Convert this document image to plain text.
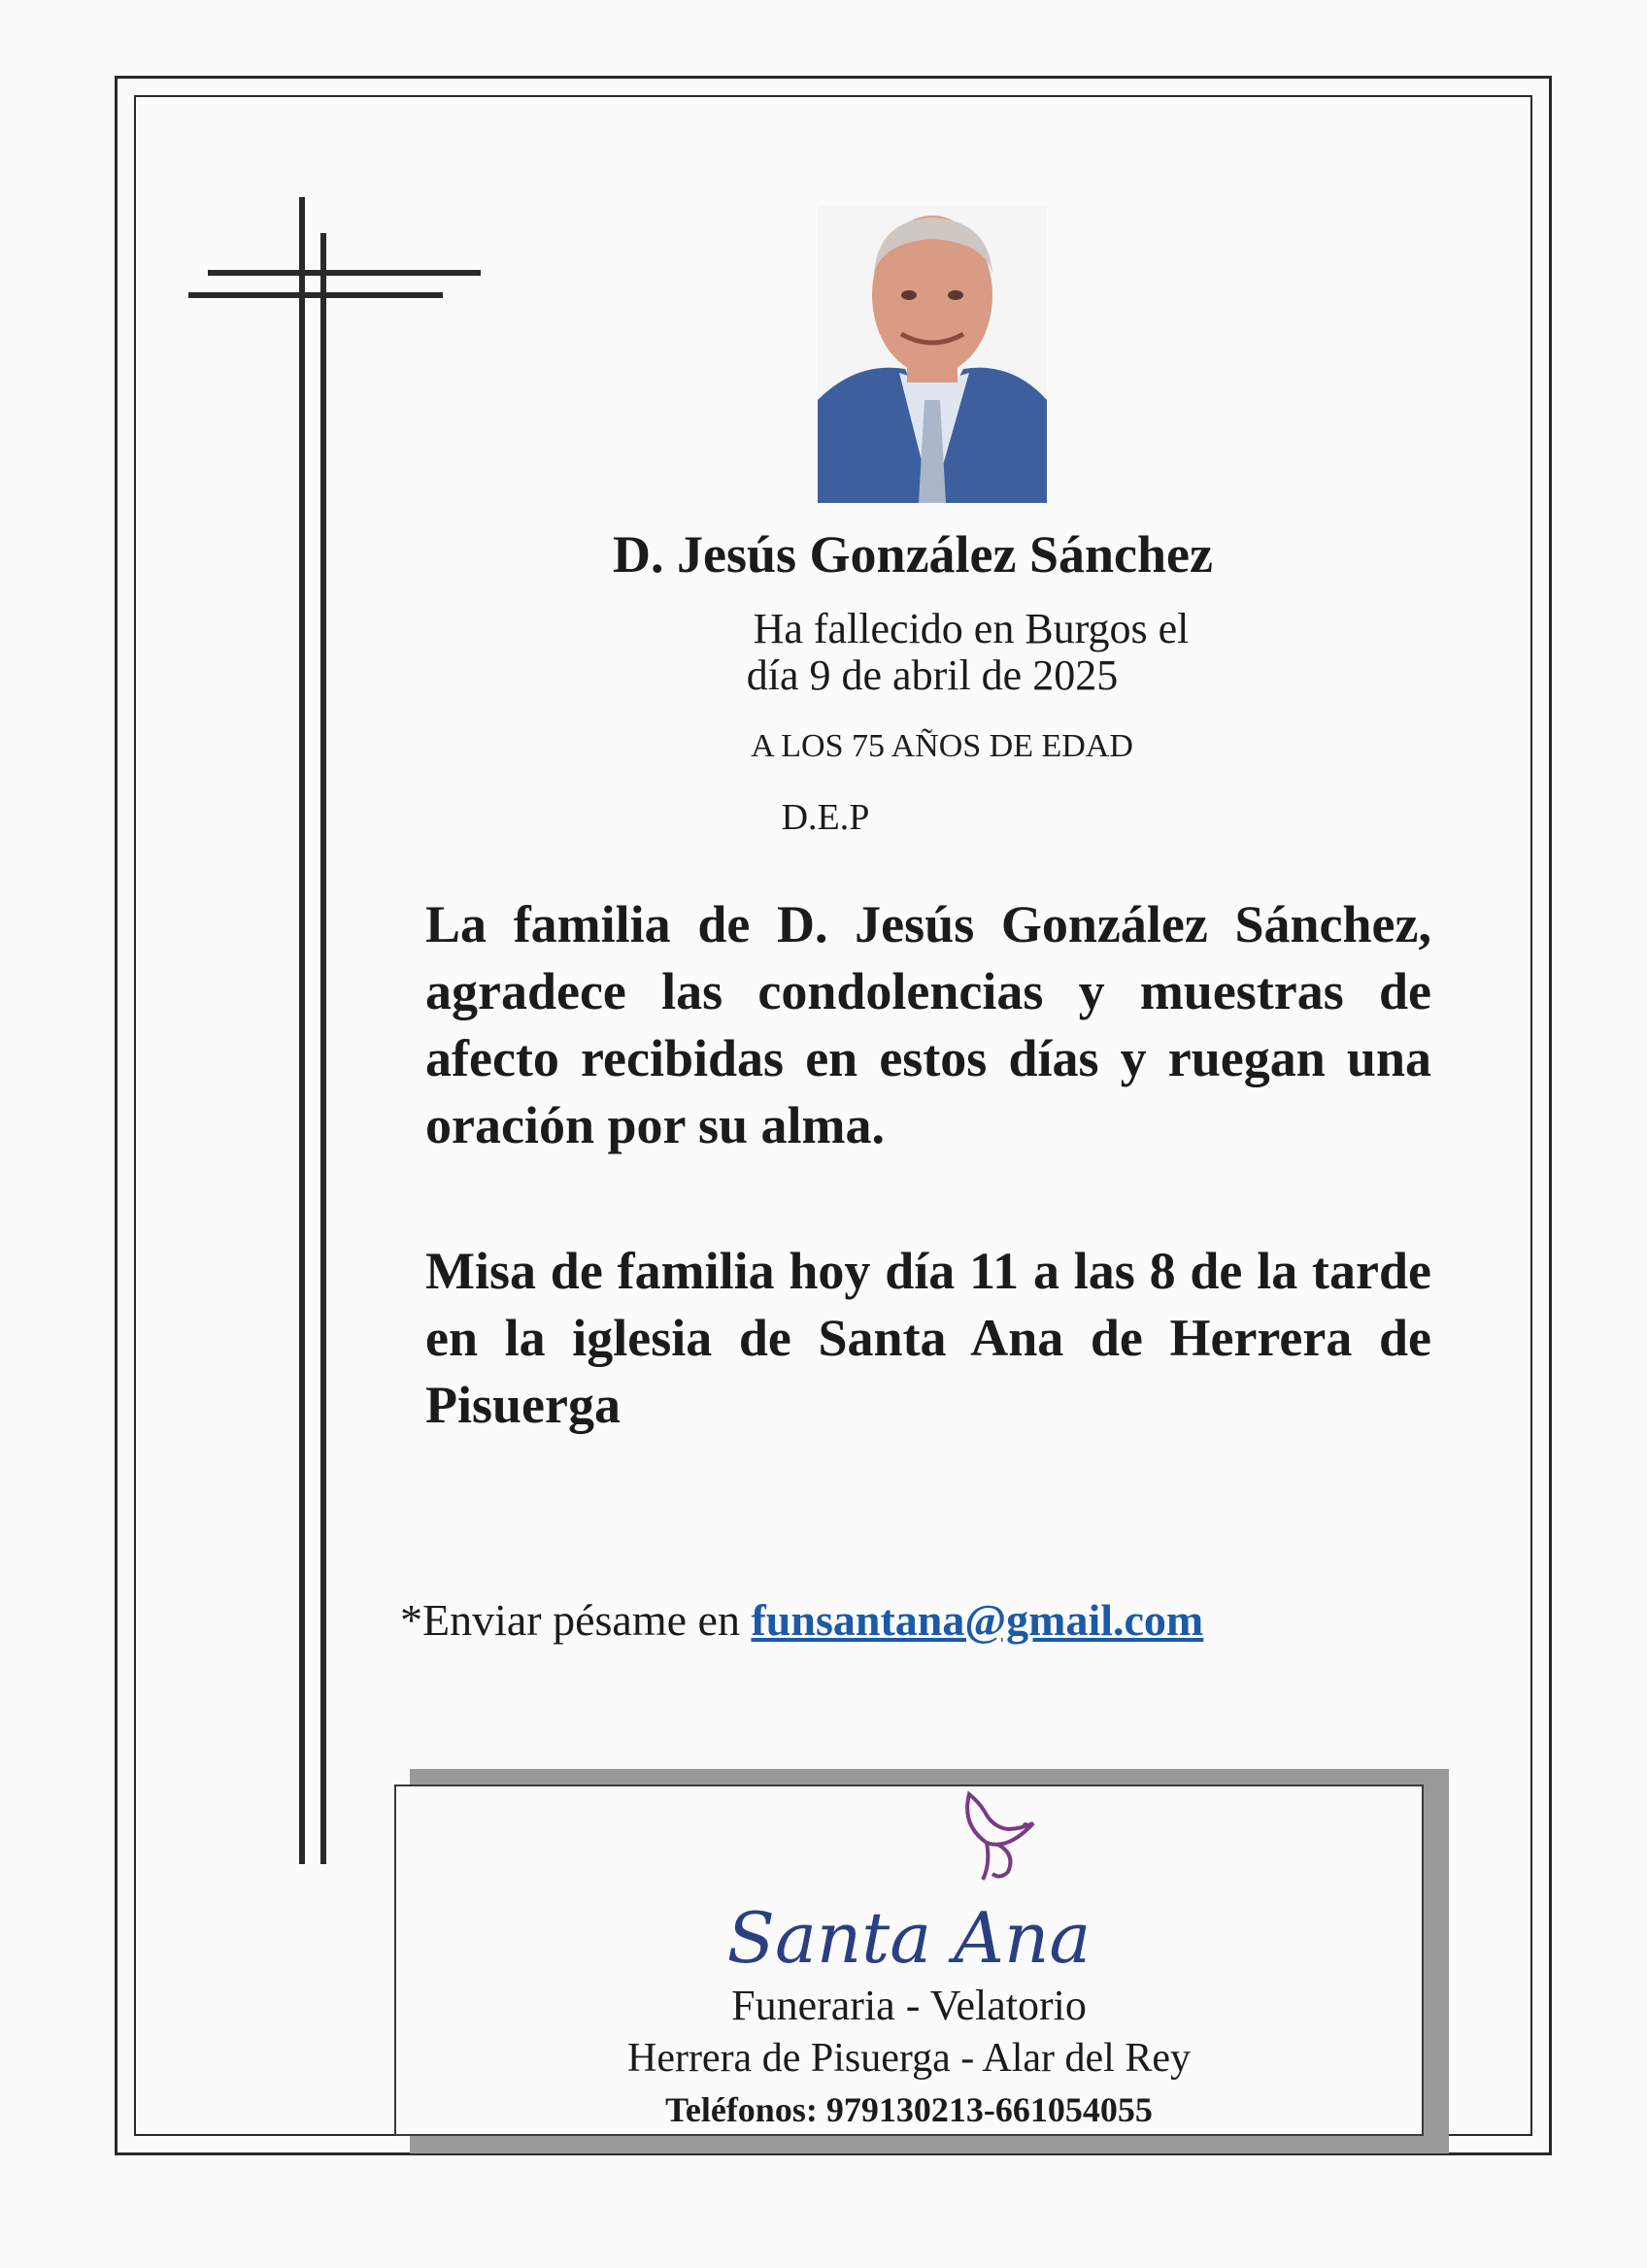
D. Jesús González Sánchez
Ha fallecido en Burgos el
día 9 de abril de 2025
A LOS 75 AÑOS DE EDAD
D.E.P
La familia de D. Jesús González Sánchez, agradece las condolencias y muestras de afecto recibidas en estos días y ruegan una oración por su alma.
Misa de familia hoy día 11 a las 8 de la tarde en la iglesia de Santa Ana de Herrera de Pisuerga
*Enviar pésame en funsantana@gmail.com
Santa Ana
Funeraria - Velatorio
Herrera de Pisuerga - Alar del Rey
Teléfonos: 979130213-661054055
